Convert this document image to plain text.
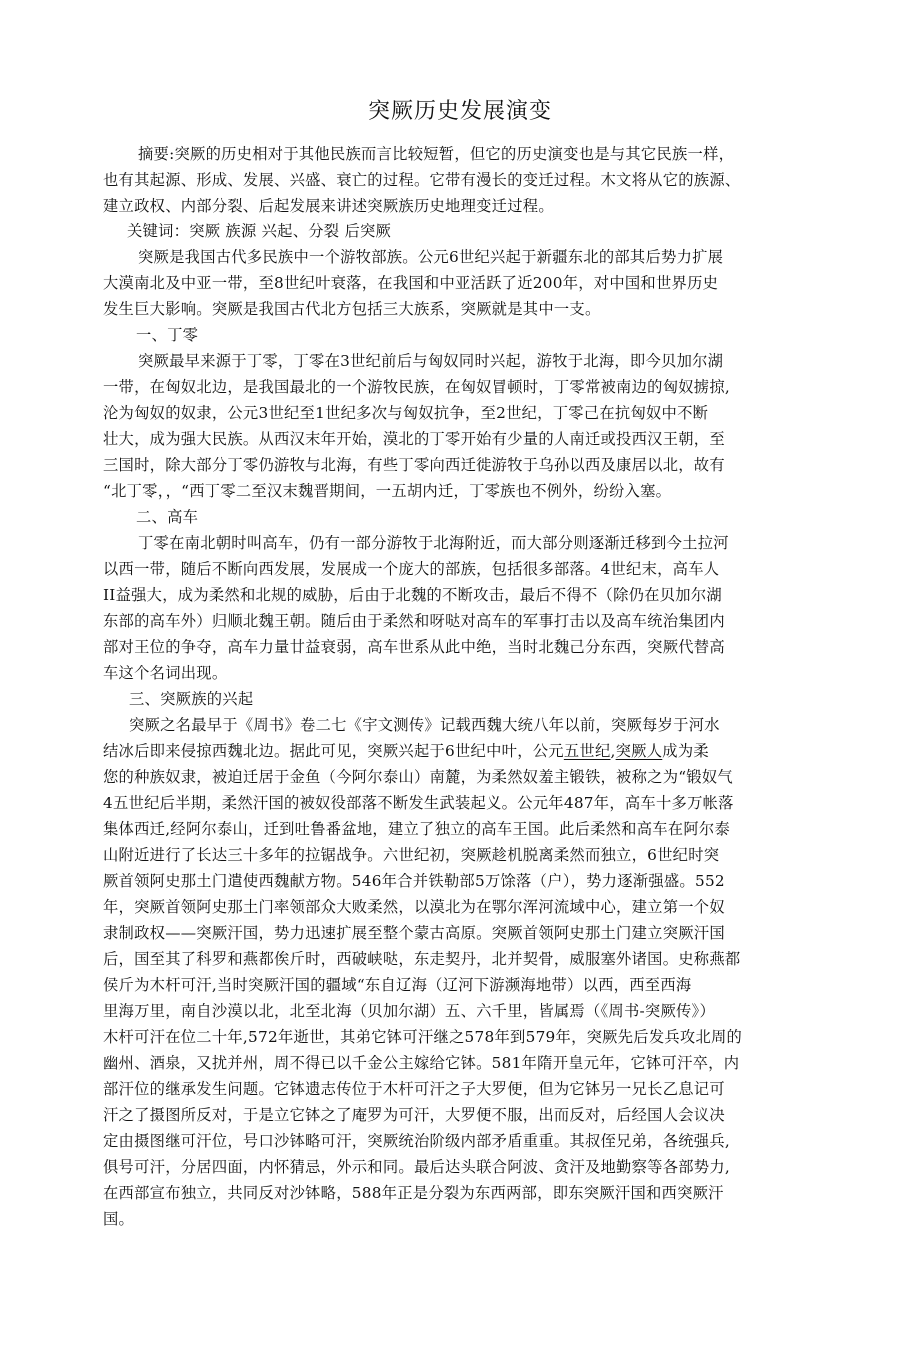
突厥历史发展演变
摘要:突厥的历史相对于其他民族而言比较短暂，但它的历史演变也是与其它民族一样，
也有其起源、形成、发展、兴盛、衰亡的过程。它带有漫长的变迁过程。木文将从它的族源、
建立政权、内部分裂、后起发展来讲述突厥族历史地理变迁过程。
关键词：突厥 族源 兴起、分裂 后突厥
突厥是我国古代多民族中一个游牧部族。公元6世纪兴起于新疆东北的部其后势力扩展
大漠南北及中亚一带，至8世纪叶衰落，在我国和中亚活跃了近200年，对中国和世界历史
发生巨大影响。突厥是我国古代北方包括三大族系，突厥就是其中一支。
一、丁零
突厥最早来源于丁零，丁零在3世纪前后与匈奴同时兴起，游牧于北海，即今贝加尔湖
一带，在匈奴北边，是我国最北的一个游牧民族，在匈奴冒顿时，丁零常被南边的匈奴掳掠,
沦为匈奴的奴隶，公元3世纪至1世纪多次与匈奴抗争，至2世纪，丁零己在抗匈奴中不断
壮大，成为强大民族。从西汉末年开始，漠北的丁零开始有少量的人南迁或投西汉王朝，至
三国时，除大部分丁零仍游牧与北海，有些丁零向西迁徙游牧于乌孙以西及康居以北，故有
“北丁零，，“西丁零二至汉末魏晋期间，一五胡内迁，丁零族也不例外，纷纷入塞。
二、高车
丁零在南北朝时叫高车，仍有一部分游牧于北海附近，而大部分则逐渐迁移到今土拉河
以西一带，随后不断向西发展，发展成一个庞大的部族，包括很多部落。4世纪末，高车人
II益强大，成为柔然和北规的威胁，后由于北魏的不断攻击，最后不得不（除仍在贝加尔湖
东部的高车外）归顺北魏王朝。随后由于柔然和呀哒对高车的军事打击以及高车统治集团内
部对王位的争夺，高车力量廿益衰弱，高车世系从此中绝，当时北魏己分东西，突厥代替高
车这个名词出现。
三、突厥族的兴起
突厥之名最早于《周书》卷二七《宇文测传》记载西魏大统八年以前，突厥每岁于河水
结冰后即来侵掠西魏北边。据此可见，突厥兴起于6世纪中叶，公元五世纪,突厥人成为柔
您的种族奴隶，被迫迁居于金鱼（今阿尔泰山）南麓，为柔然奴羞主锻铁，被称之为“锻奴气
4五世纪后半期，柔然汗国的被奴役部落不断发生武装起义。公元年487年，高车十多万帐落
集体西迁,经阿尔泰山，迁到吐鲁番盆地，建立了独立的高车王国。此后柔然和高车在阿尔泰
山附近进行了长达三十多年的拉锯战争。六世纪初，突厥趁机脱离柔然而独立，6世纪时突
厥首领阿史那土门遣使西魏献方物。546年合并铁勒部5万馀落（户），势力逐渐强盛。552
年，突厥首领阿史那土门率领部众大败柔然，以漠北为在鄂尔浑河流域中心，建立第一个奴
隶制政权——突厥汗国，势力迅速扩展至整个蒙古高原。突厥首领阿史那土门建立突厥汗国
后，国至其了科罗和燕都俟斤时，西破峡哒，东走契丹，北并契骨，威服塞外诸国。史称燕都
侯斤为木杆可汗,当时突厥汗国的疆域“东自辽海（辽河下游濒海地带）以西，西至西海
里海万里，南自沙漠以北，北至北海（贝加尔湖）五、六千里，皆属焉（《周书-突厥传》）
木杆可汗在位二十年,572年逝世，其弟它钵可汗继之578年到579年，突厥先后发兵攻北周的
幽州、酒泉，又扰并州，周不得已以千金公主嫁给它钵。581年隋开皇元年，它钵可汗卒，内
部汗位的继承发生问题。它钵遗志传位于木杆可汗之子大罗便，但为它钵另一兄长乙息记可
汗之了摄图所反对，于是立它钵之了庵罗为可汗，大罗便不服，出而反对，后经国人会议决
定由摄图继可汗位，号口沙钵略可汗，突厥统治阶级内部矛盾重重。其叔侄兄弟，各统强兵,
俱号可汗，分居四面，内怀猜忌，外示和同。最后达头联合阿波、贪汗及地勤察等各部势力,
在西部宣布独立，共同反对沙钵略，588年正是分裂为东西两部，即东突厥汗国和西突厥汗
国。
